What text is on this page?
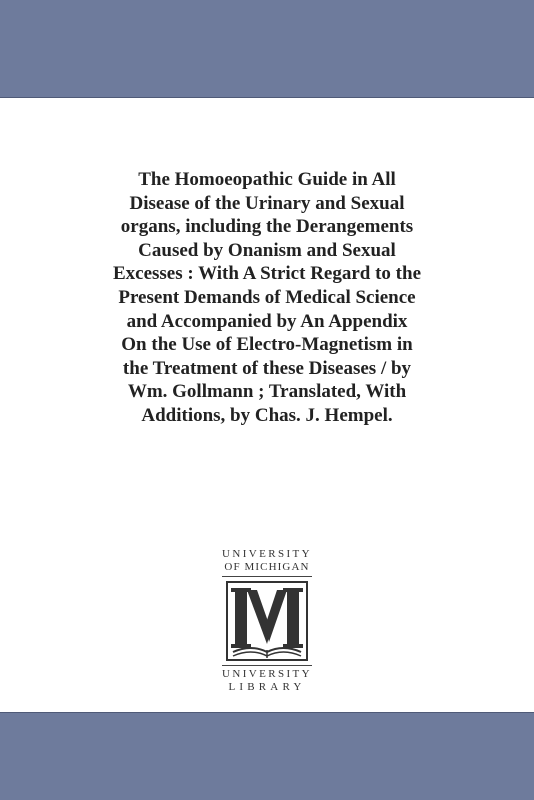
The Homoeopathic Guide in All
Disease of the Urinary and Sexual
organs, including the Derangements
Caused by Onanism and Sexual
Excesses : With A Strict Regard to the
Present Demands of Medical Science
and Accompanied by An Appendix
On the Use of Electro-Magnetism in
the Treatment of these Diseases / by
Wm. Gollmann ; Translated, With
Additions, by Chas. J. Hempel.
UNIVERSITY
OF MICHIGAN
UNIVERSITY
LIBRARY
